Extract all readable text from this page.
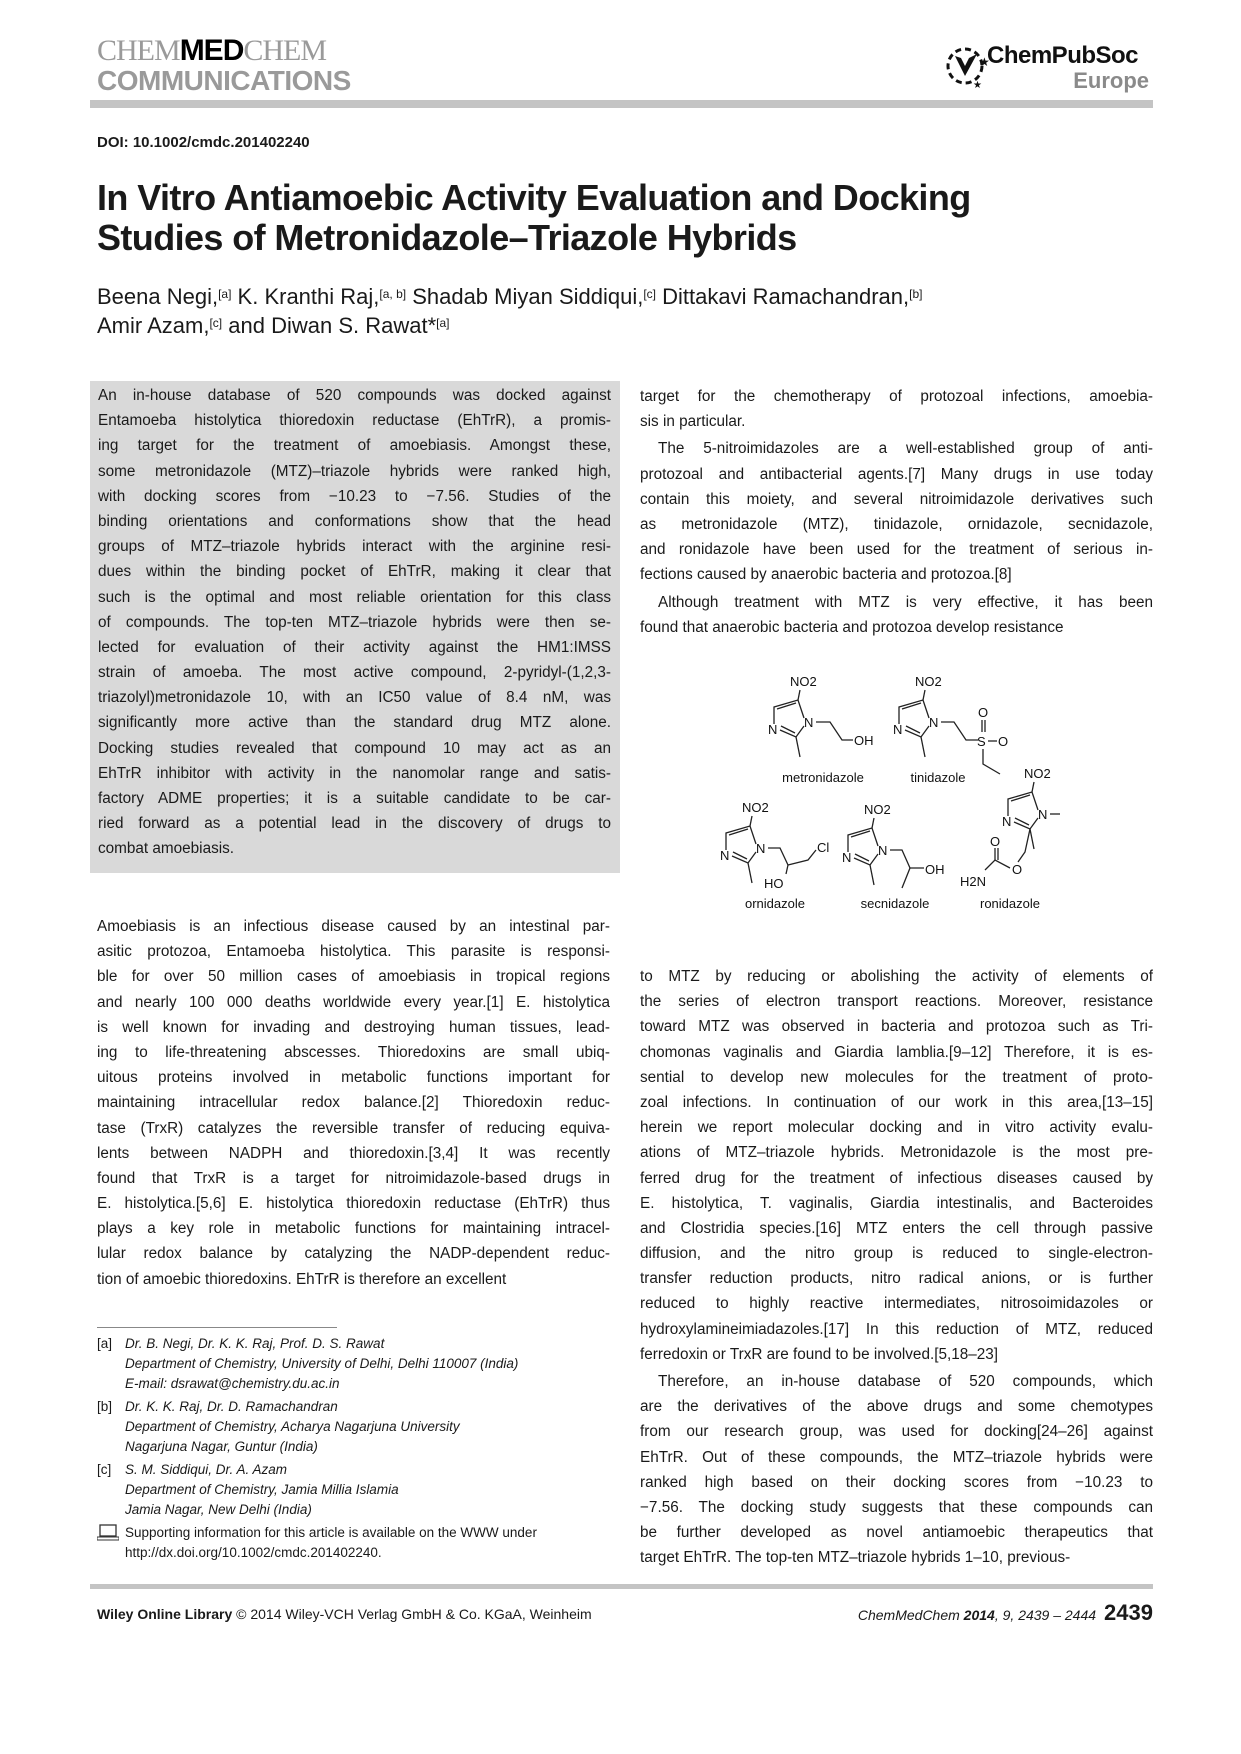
CHEMMEDCHEM
COMMUNICATIONS
★
★
ChemPubSoc
Europe
DOI: 10.1002/cmdc.201402240
In Vitro Antiamoebic Activity Evaluation and Docking
Studies of Metronidazole–Triazole Hybrids
Beena Negi,[a] K. Kranthi Raj,[a, b] Shadab Miyan Siddiqui,[c] Dittakavi Ramachandran,[b]
Amir Azam,[c] and Diwan S. Rawat*[a]
An in-house database of 520 compounds was docked against
Entamoeba histolytica thioredoxin reductase (EhTrR), a promis-
ing target for the treatment of amoebiasis. Amongst these,
some metronidazole (MTZ)–triazole hybrids were ranked high,
with docking scores from −10.23 to −7.56. Studies of the
binding orientations and conformations show that the head
groups of MTZ–triazole hybrids interact with the arginine resi-
dues within the binding pocket of EhTrR, making it clear that
such is the optimal and most reliable orientation for this class
of compounds. The top-ten MTZ–triazole hybrids were then se-
lected for evaluation of their activity against the HM1:IMSS
strain of amoeba. The most active compound, 2-pyridyl-(1,2,3-
triazolyl)metronidazole 10, with an IC50 value of 8.4 nM, was
significantly more active than the standard drug MTZ alone.
Docking studies revealed that compound 10 may act as an
EhTrR inhibitor with activity in the nanomolar range and satis-
factory ADME properties; it is a suitable candidate to be car-
ried forward as a potential lead in the discovery of drugs to
combat amoebiasis.
Amoebiasis is an infectious disease caused by an intestinal par-
asitic protozoa, Entamoeba histolytica. This parasite is responsi-
ble for over 50 million cases of amoebiasis in tropical regions
and nearly 100 000 deaths worldwide every year.[1] E. histolytica
is well known for invading and destroying human tissues, lead-
ing to life-threatening abscesses. Thioredoxins are small ubiq-
uitous proteins involved in metabolic functions important for
maintaining intracellular redox balance.[2] Thioredoxin reduc-
tase (TrxR) catalyzes the reversible transfer of reducing equiva-
lents between NADPH and thioredoxin.[3,4] It was recently
found that TrxR is a target for nitroimidazole-based drugs in
E. histolytica.[5,6] E. histolytica thioredoxin reductase (EhTrR) thus
plays a key role in metabolic functions for maintaining intracel-
lular redox balance by catalyzing the NADP-dependent reduc-
tion of amoebic thioredoxins. EhTrR is therefore an excellent
target for the chemotherapy of protozoal infections, amoebia-
sis in particular.
The 5-nitroimidazoles are a well-established group of anti-
protozoal and antibacterial agents.[7] Many drugs in use today
contain this moiety, and several nitroimidazole derivatives such
as metronidazole (MTZ), tinidazole, ornidazole, secnidazole,
and ronidazole have been used for the treatment of serious in-
fections caused by anaerobic bacteria and protozoa.[8]
Although treatment with MTZ is very effective, it has been
found that anaerobic bacteria and protozoa develop resistance
N
N
NO2
OH
metronidazole
N
N
NO2
S
O
O
tinidazole
N
N
NO2
Cl
HO
ornidazole
N
N
NO2
OH
secnidazole
N
N
NO2
O
O
H2N
ronidazole
to MTZ by reducing or abolishing the activity of elements of
the series of electron transport reactions. Moreover, resistance
toward MTZ was observed in bacteria and protozoa such as Tri-
chomonas vaginalis and Giardia lamblia.[9–12] Therefore, it is es-
sential to develop new molecules for the treatment of proto-
zoal infections. In continuation of our work in this area,[13–15]
herein we report molecular docking and in vitro activity evalu-
ations of MTZ–triazole hybrids. Metronidazole is the most pre-
ferred drug for the treatment of infectious diseases caused by
E. histolytica, T. vaginalis, Giardia intestinalis, and Bacteroides
and Clostridia species.[16] MTZ enters the cell through passive
diffusion, and the nitro group is reduced to single-electron-
transfer reduction products, nitro radical anions, or is further
reduced to highly reactive intermediates, nitrosoimidazoles or
hydroxylamineimiadazoles.[17] In this reduction of MTZ, reduced
ferredoxin or TrxR are found to be involved.[5,18–23]
Therefore, an in-house database of 520 compounds, which
are the derivatives of the above drugs and some chemotypes
from our research group, was used for docking[24–26] against
EhTrR. Out of these compounds, the MTZ–triazole hybrids were
ranked high based on their docking scores from −10.23 to
−7.56. The docking study suggests that these compounds can
be further developed as novel antiamoebic therapeutics that
target EhTrR. The top-ten MTZ–triazole hybrids 1–10, previous-
[a] Dr. B. Negi, Dr. K. K. Raj, Prof. D. S. Rawat
Department of Chemistry, University of Delhi, Delhi 110007 (India)
E-mail: dsrawat@chemistry.du.ac.in
[b] Dr. K. K. Raj, Dr. D. Ramachandran
Department of Chemistry, Acharya Nagarjuna University
Nagarjuna Nagar, Guntur (India)
[c]	S. M. Siddiqui, Dr. A. Azam
Department of Chemistry, Jamia Millia Islamia
Jamia Nagar, New Delhi (India)
Supporting information for this article is available on the WWW under
http://dx.doi.org/10.1002/cmdc.201402240.
Wiley Online Library © 2014 Wiley-VCH Verlag GmbH & Co. KGaA, Weinheim	ChemMedChem 2014, 9, 2439 – 2444 2439
